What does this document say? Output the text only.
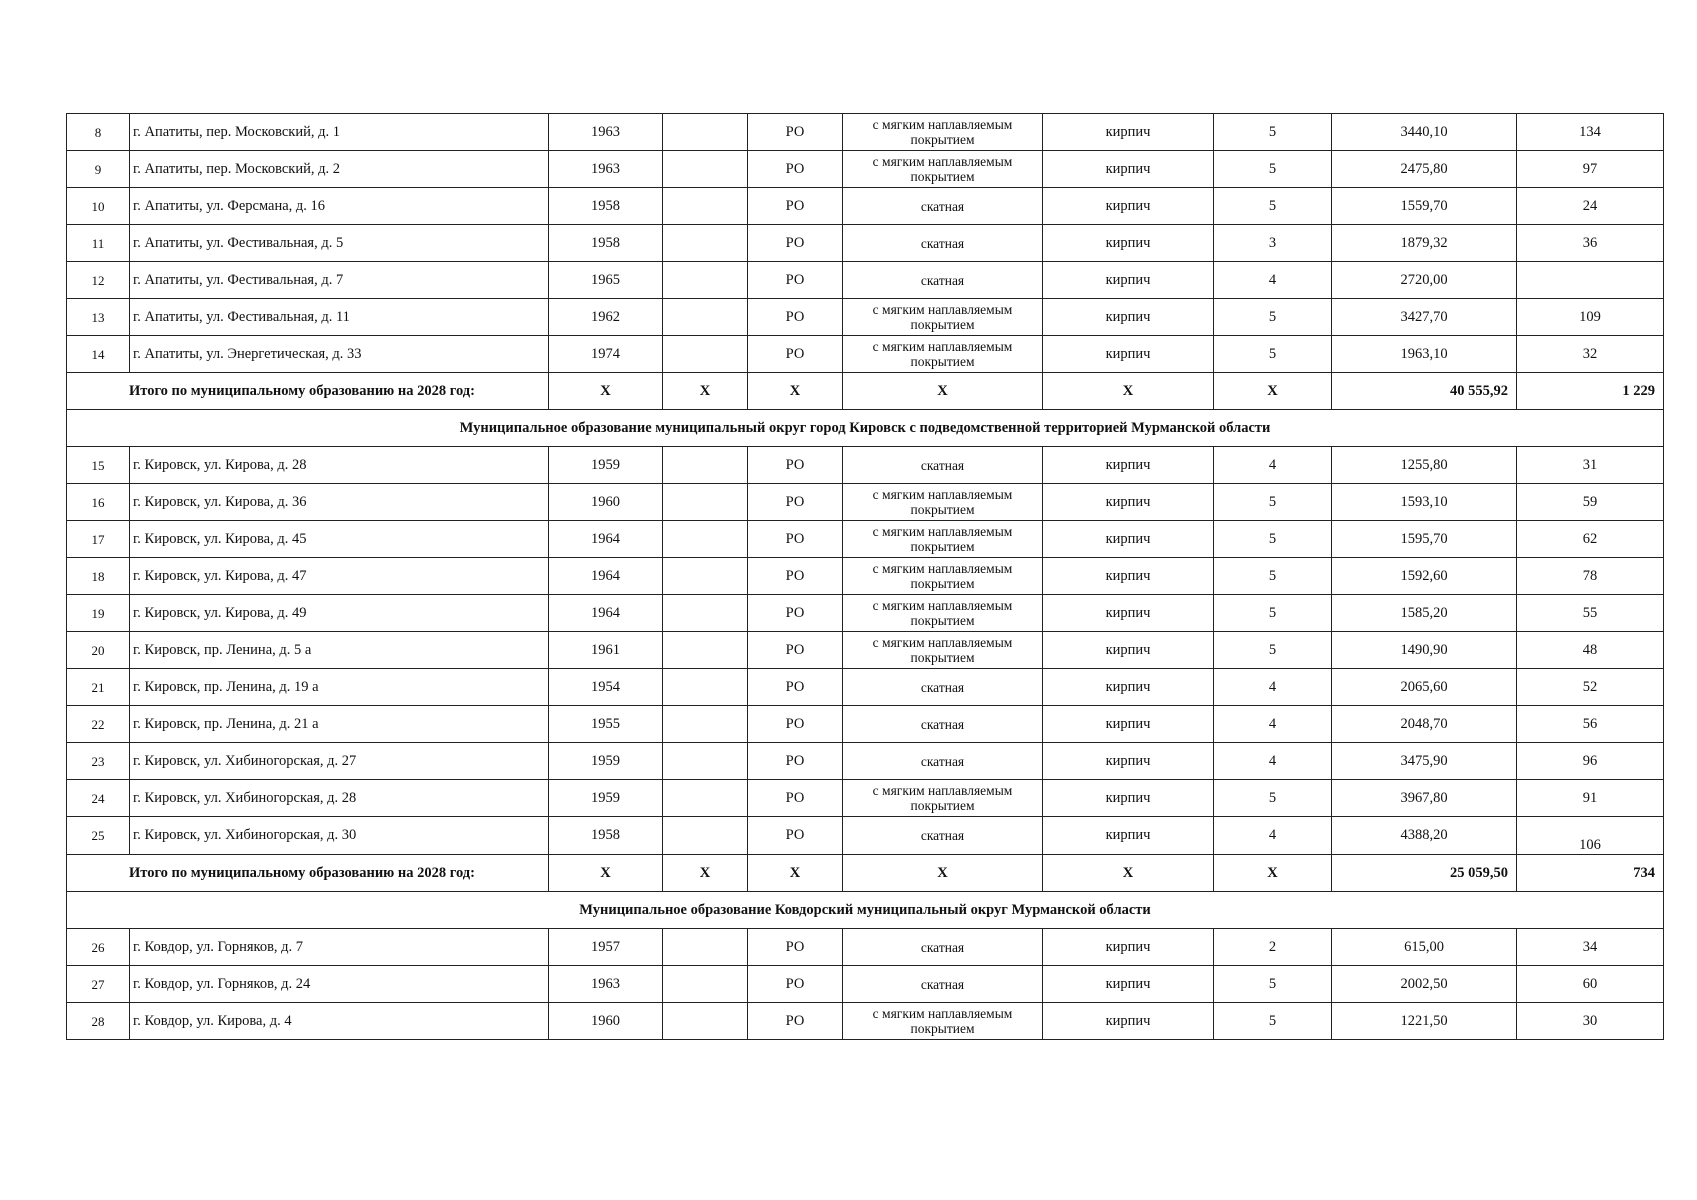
8	г. Апатиты, пер. Московский, д. 1	1963		РО	с мягким наплавляемым покрытием	кирпич	5	3440,10	134
9	г. Апатиты, пер. Московский, д. 2	1963		РО	с мягким наплавляемым покрытием	кирпич	5	2475,80	97
10	г. Апатиты, ул. Ферсмана, д. 16	1958		РО	скатная	кирпич	5	1559,70	24
11	г. Апатиты, ул. Фестивальная, д. 5	1958		РО	скатная	кирпич	3	1879,32	36
12	г. Апатиты, ул. Фестивальная, д. 7	1965		РО	скатная	кирпич	4	2720,00	
13	г. Апатиты, ул. Фестивальная, д. 11	1962		РО	с мягким наплавляемым покрытием	кирпич	5	3427,70	109
14	г. Апатиты, ул. Энергетическая, д. 33	1974		РО	с мягким наплавляемым покрытием	кирпич	5	1963,10	32
Итого по муниципальному образованию на 2028 год:		X	X	X	X	X	X	40 555,92	1 229
Муниципальное образование муниципальный округ город Кировск с подведомственной территорией Мурманской области									
15	г. Кировск, ул. Кирова, д. 28	1959		РО	скатная	кирпич	4	1255,80	31
16	г. Кировск, ул. Кирова, д. 36	1960		РО	с мягким наплавляемым покрытием	кирпич	5	1593,10	59
17	г. Кировск, ул. Кирова, д. 45	1964		РО	с мягким наплавляемым покрытием	кирпич	5	1595,70	62
18	г. Кировск, ул. Кирова, д. 47	1964		РО	с мягким наплавляемым покрытием	кирпич	5	1592,60	78
19	г. Кировск, ул. Кирова, д. 49	1964		РО	с мягким наплавляемым покрытием	кирпич	5	1585,20	55
20	г. Кировск, пр. Ленина, д. 5 а	1961		РО	с мягким наплавляемым покрытием	кирпич	5	1490,90	48
21	г. Кировск, пр. Ленина, д. 19 а	1954		РО	скатная	кирпич	4	2065,60	52
22	г. Кировск, пр. Ленина, д. 21 а	1955		РО	скатная	кирпич	4	2048,70	56
23	г. Кировск, ул. Хибиногорская, д. 27	1959		РО	скатная	кирпич	4	3475,90	96
24	г. Кировск, ул. Хибиногорская, д. 28	1959		РО	с мягким наплавляемым покрытием	кирпич	5	3967,80	91
25	г. Кировск, ул. Хибиногорская, д. 30	1958		РО	скатная	кирпич	4	4388,20	106
Итого по муниципальному образованию на 2028 год:		X	X	X	X	X	X	25 059,50	734
Муниципальное образование Ковдорский муниципальный округ Мурманской области									
26	г. Ковдор, ул. Горняков, д. 7	1957		РО	скатная	кирпич	2	615,00	34
27	г. Ковдор, ул. Горняков, д. 24	1963		РО	скатная	кирпич	5	2002,50	60
28	г. Ковдор, ул. Кирова, д. 4	1960		РО	с мягким наплавляемым покрытием	кирпич	5	1221,50	30
